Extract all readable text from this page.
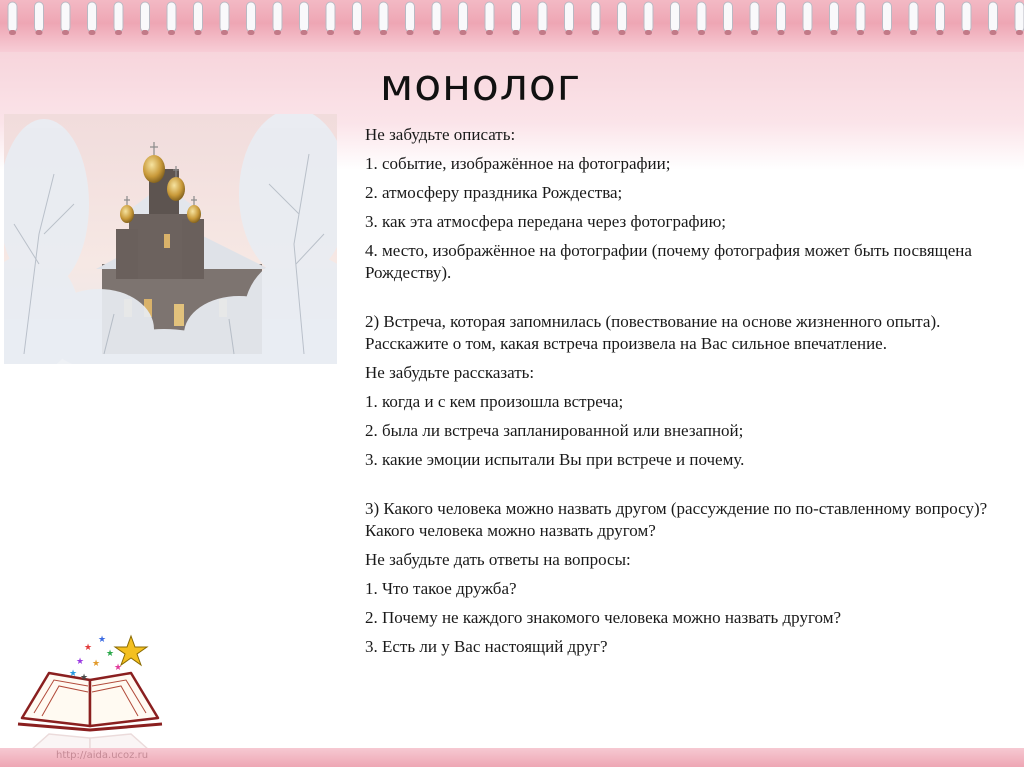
монолог

Не забудьте описать:

1. событие, изображённое на фотографии;

2. атмосферу праздника Рождества;

3. как эта атмосфера передана через фотографию;

4. место, изображённое на фотографии (почему фотография может быть посвящена Рождеству).

2) Встреча, которая запомнилась (повествование на основе жизненного опыта). Расскажите о том, какая встреча произвела на Вас сильное впечатление.

Не забудьте рассказать:

1. когда и с кем произошла встреча;

2. была ли встреча запланированной или внезапной;

3. какие эмоции испытали Вы при встрече и почему.

3) Какого человека можно назвать другом (рассуждение по по-ставленному вопросу)? Какого человека можно назвать другом?

Не забудьте дать ответы на вопросы:

1. Что такое дружба?

2. Почему не каждого знакомого человека можно назвать другом?

3. Есть ли у Вас настоящий друг?

★
★
★
★ ★
★
★
★
http://aida.ucoz.ru
